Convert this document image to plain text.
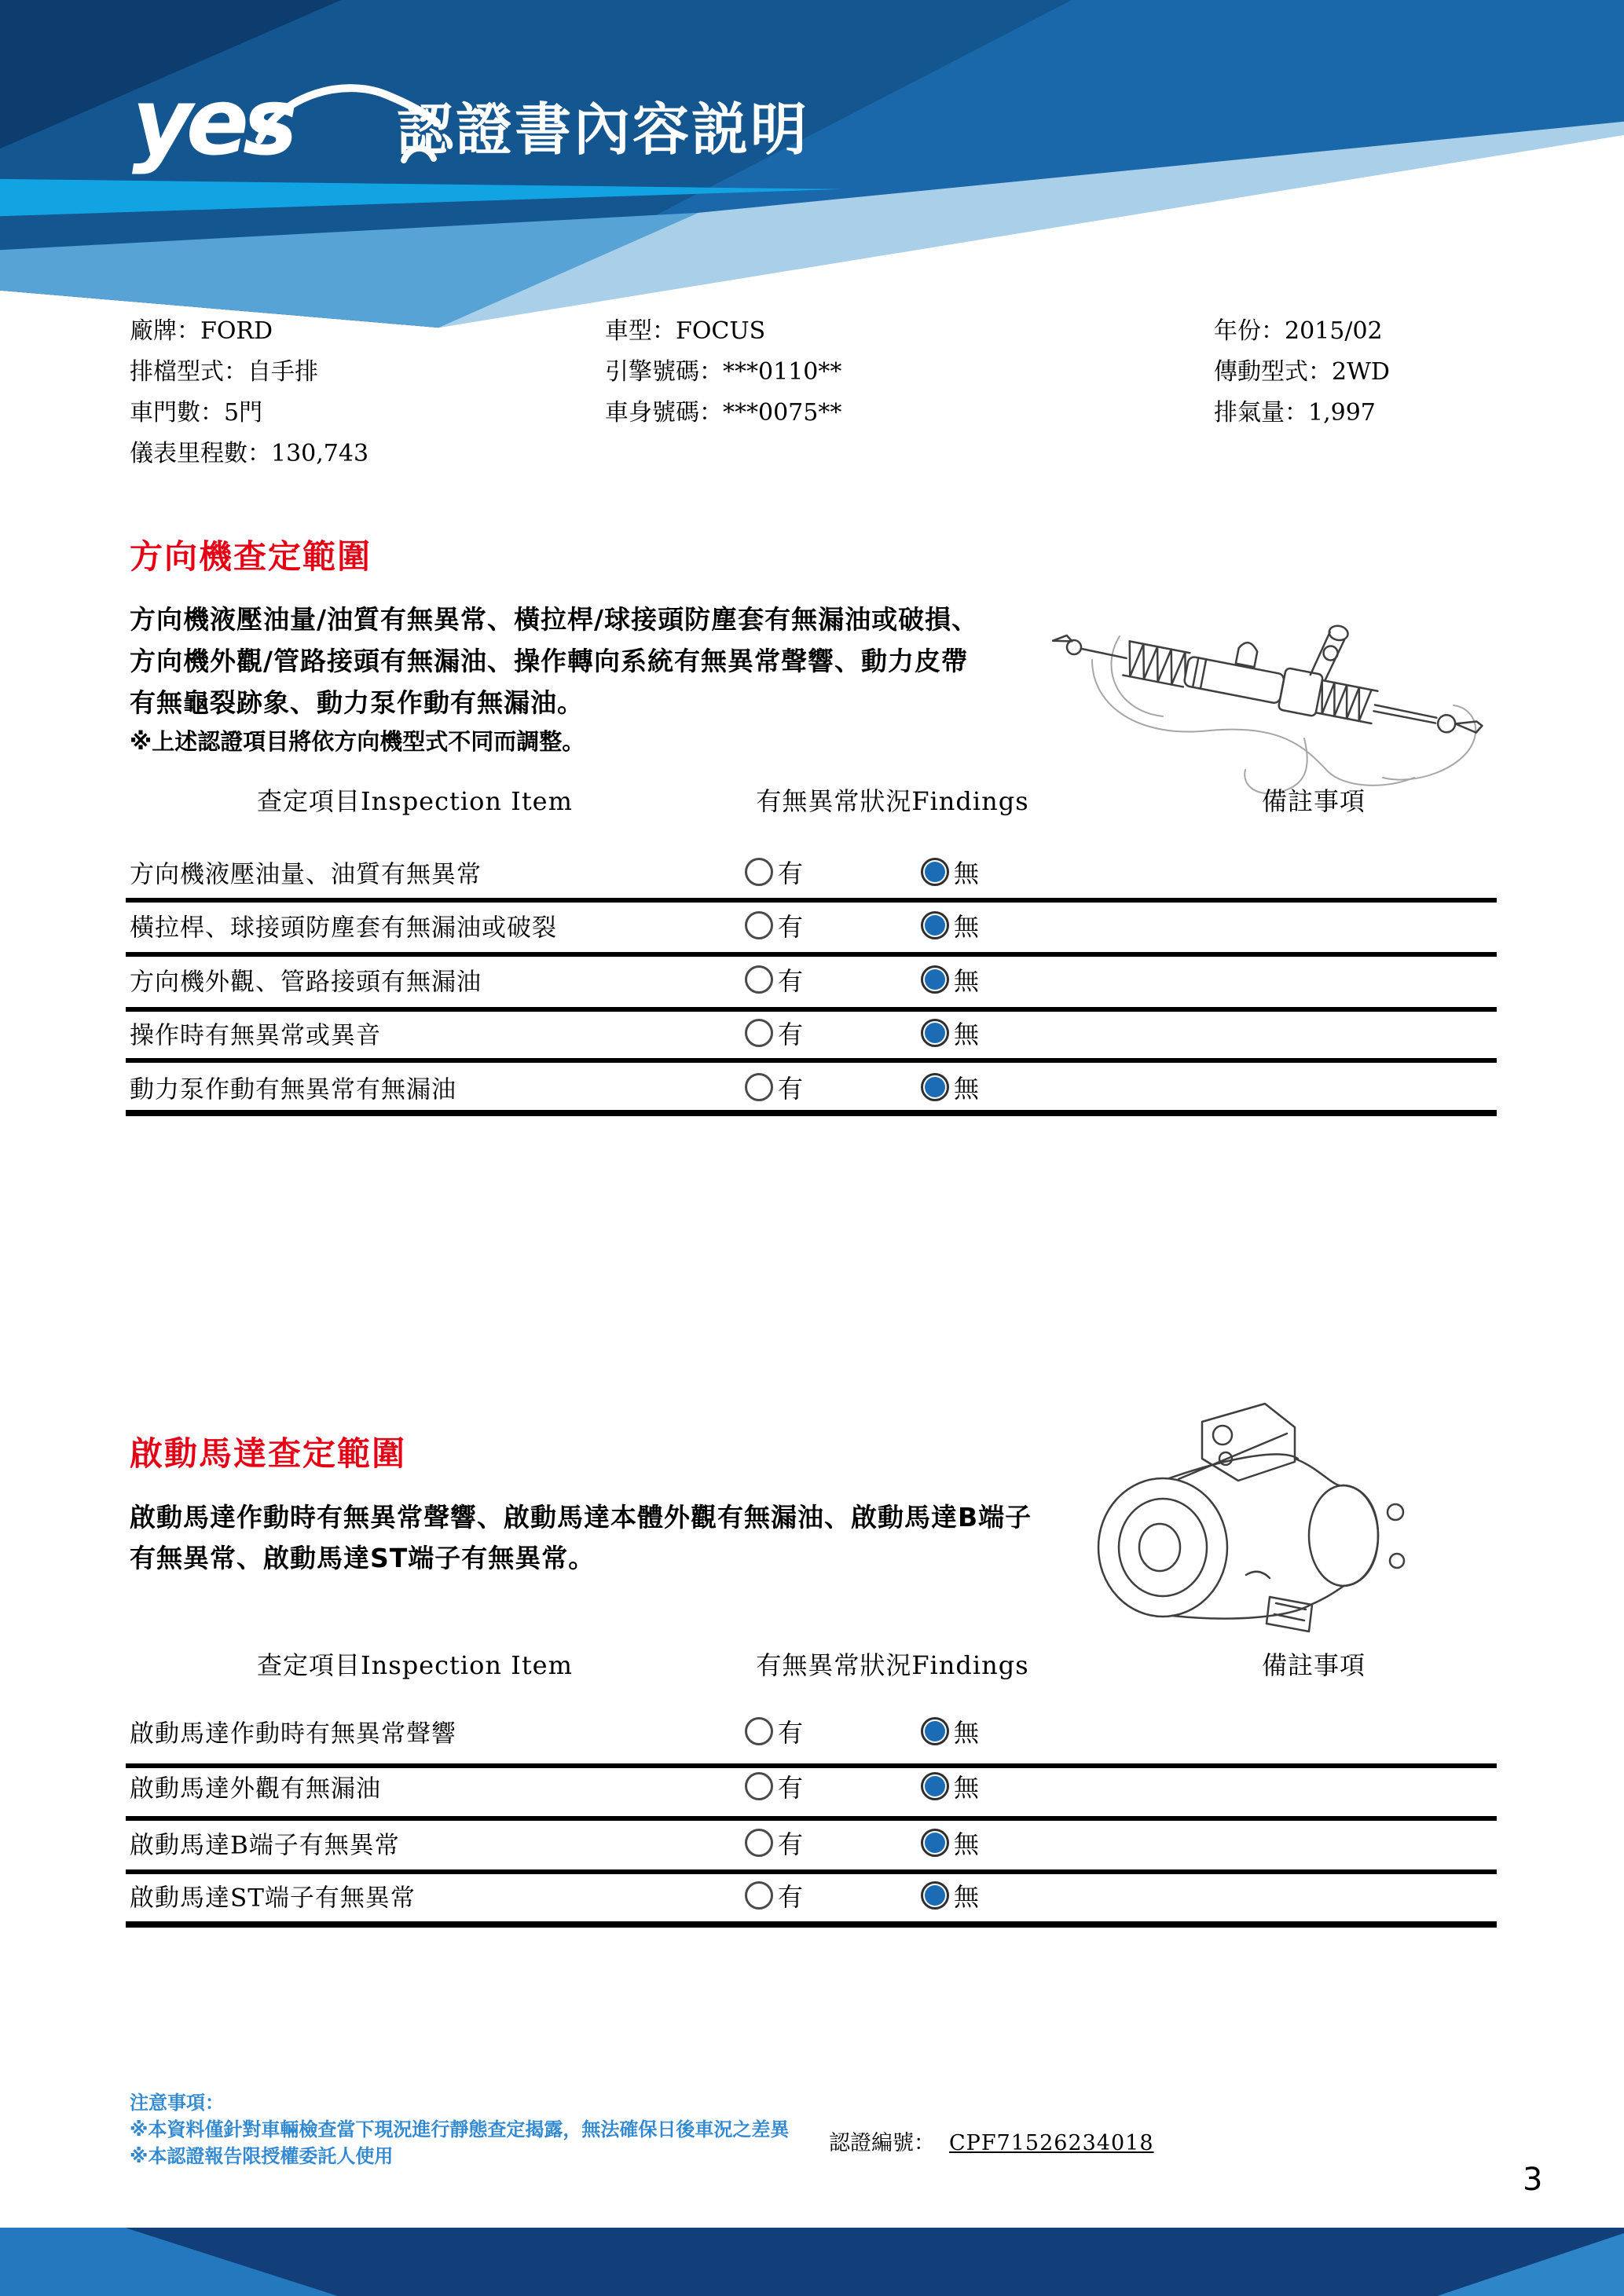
yes 認證書內容説明
廠牌：FORD
排檔型式：自手排
車門數：5門
儀表里程數：130,743
車型：FOCUS
引擎號碼：***0110**
車身號碼：***0075**
年份：2015/02
傳動型式：2WD
排氣量：1,997
方向機查定範圍
方向機液壓油量/油質有無異常、橫拉桿/球接頭防塵套有無漏油或破損、
方向機外觀/管路接頭有無漏油、操作轉向系統有無異常聲響、動力皮帶
有無龜裂跡象、動力泵作動有無漏油。
※上述認證項目將依方向機型式不同而調整。
查定項目Inspection Item	有無異常狀況Findings	備註事項
方向機液壓油量、油質有無異常	有	無
橫拉桿、球接頭防塵套有無漏油或破裂	有	無
方向機外觀、管路接頭有無漏油	有	無
操作時有無異常或異音	有	無
動力泵作動有無異常有無漏油	有	無
啟動馬達查定範圍
啟動馬達作動時有無異常聲響、啟動馬達本體外觀有無漏油、啟動馬達B端子
有無異常、啟動馬達ST端子有無異常。
查定項目Inspection Item	有無異常狀況Findings	備註事項
啟動馬達作動時有無異常聲響	有	無
啟動馬達外觀有無漏油	有	無
啟動馬達B端子有無異常	有	無
啟動馬達ST端子有無異常	有	無
注意事項：
※本資料僅針對車輛檢查當下現況進行靜態查定揭露，無法確保日後車況之差異
※本認證報告限授權委託人使用
認證編號： CPF71526234018
3
